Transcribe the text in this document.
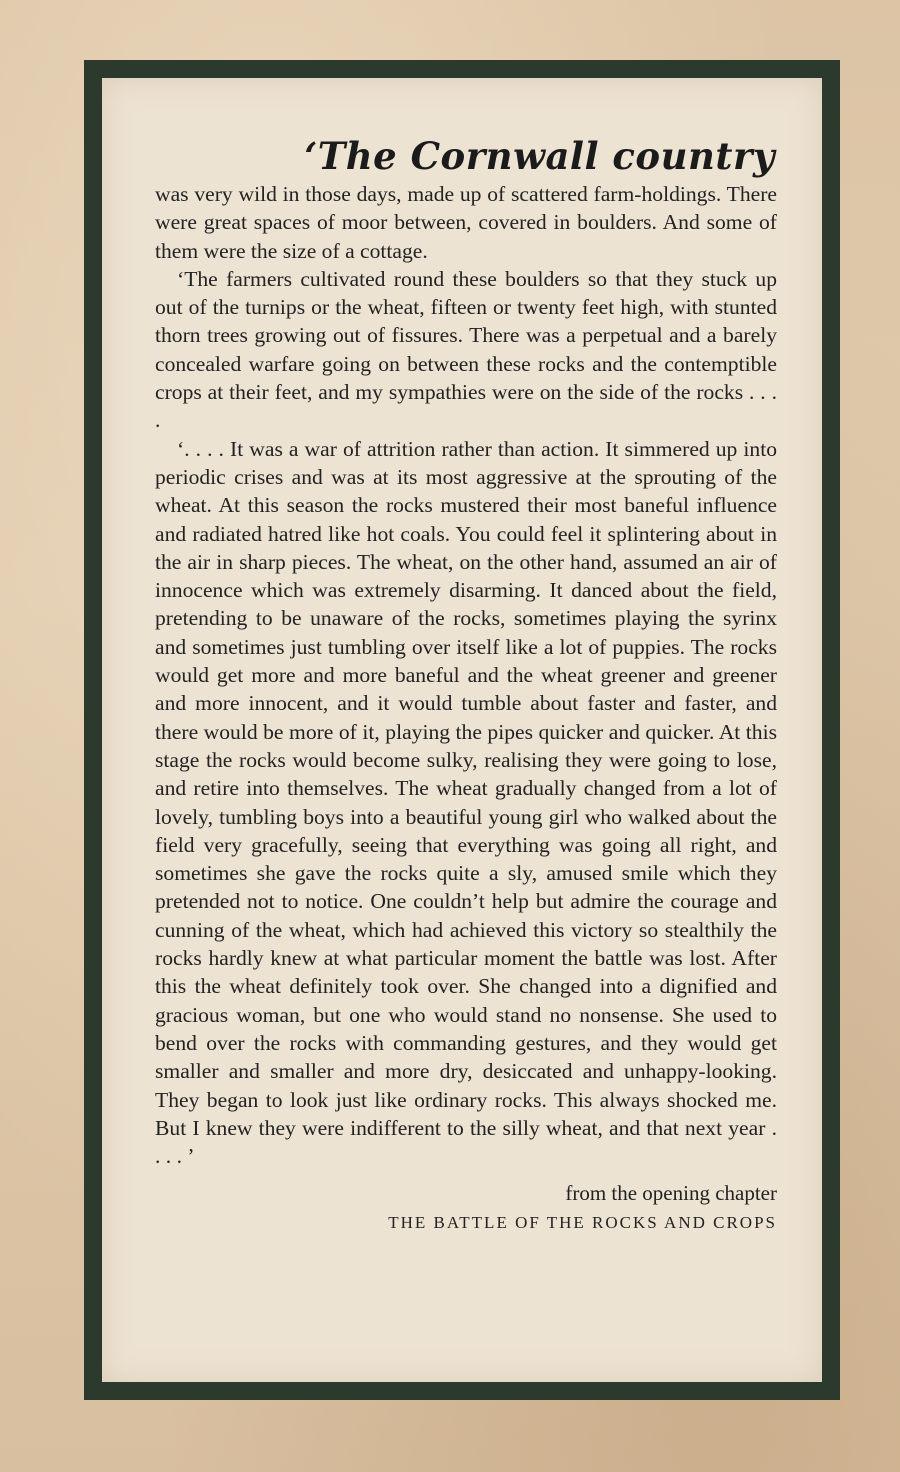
‘The Cornwall country

was very wild in those days, made up of scattered farm-holdings. There were great spaces of moor between, covered in boulders. And some of them were the size of a cottage.

‘The farmers cultivated round these boulders so that they stuck up out of the turnips or the wheat, fifteen or twenty feet high, with stunted thorn trees growing out of fissures. There was a perpetual and a barely concealed warfare going on between these rocks and the contemptible crops at their feet, and my sympathies were on the side of the rocks . . . .

‘. . . . It was a war of attrition rather than action. It simmered up into periodic crises and was at its most aggressive at the sprouting of the wheat. At this season the rocks mustered their most baneful influence and radiated hatred like hot coals. You could feel it splintering about in the air in sharp pieces. The wheat, on the other hand, assumed an air of innocence which was extremely disarming. It danced about the field, pretending to be unaware of the rocks, sometimes playing the syrinx and sometimes just tumbling over itself like a lot of puppies. The rocks would get more and more baneful and the wheat greener and greener and more innocent, and it would tumble about faster and faster, and there would be more of it, playing the pipes quicker and quicker. At this stage the rocks would become sulky, realising they were going to lose, and retire into themselves. The wheat gradually changed from a lot of lovely, tumbling boys into a beautiful young girl who walked about the field very gracefully, seeing that everything was going all right, and sometimes she gave the rocks quite a sly, amused smile which they pretended not to notice. One couldn’t help but admire the courage and cunning of the wheat, which had achieved this victory so stealthily the rocks hardly knew at what particular moment the battle was lost. After this the wheat definitely took over. She changed into a dignified and gracious woman, but one who would stand no nonsense. She used to bend over the rocks with commanding gestures, and they would get smaller and smaller and more dry, desiccated and unhappy-looking. They began to look just like ordinary rocks. This always shocked me. But I knew they were indifferent to the silly wheat, and that next year . . . . ’

from the opening chapter
THE BATTLE OF THE ROCKS AND CROPS
